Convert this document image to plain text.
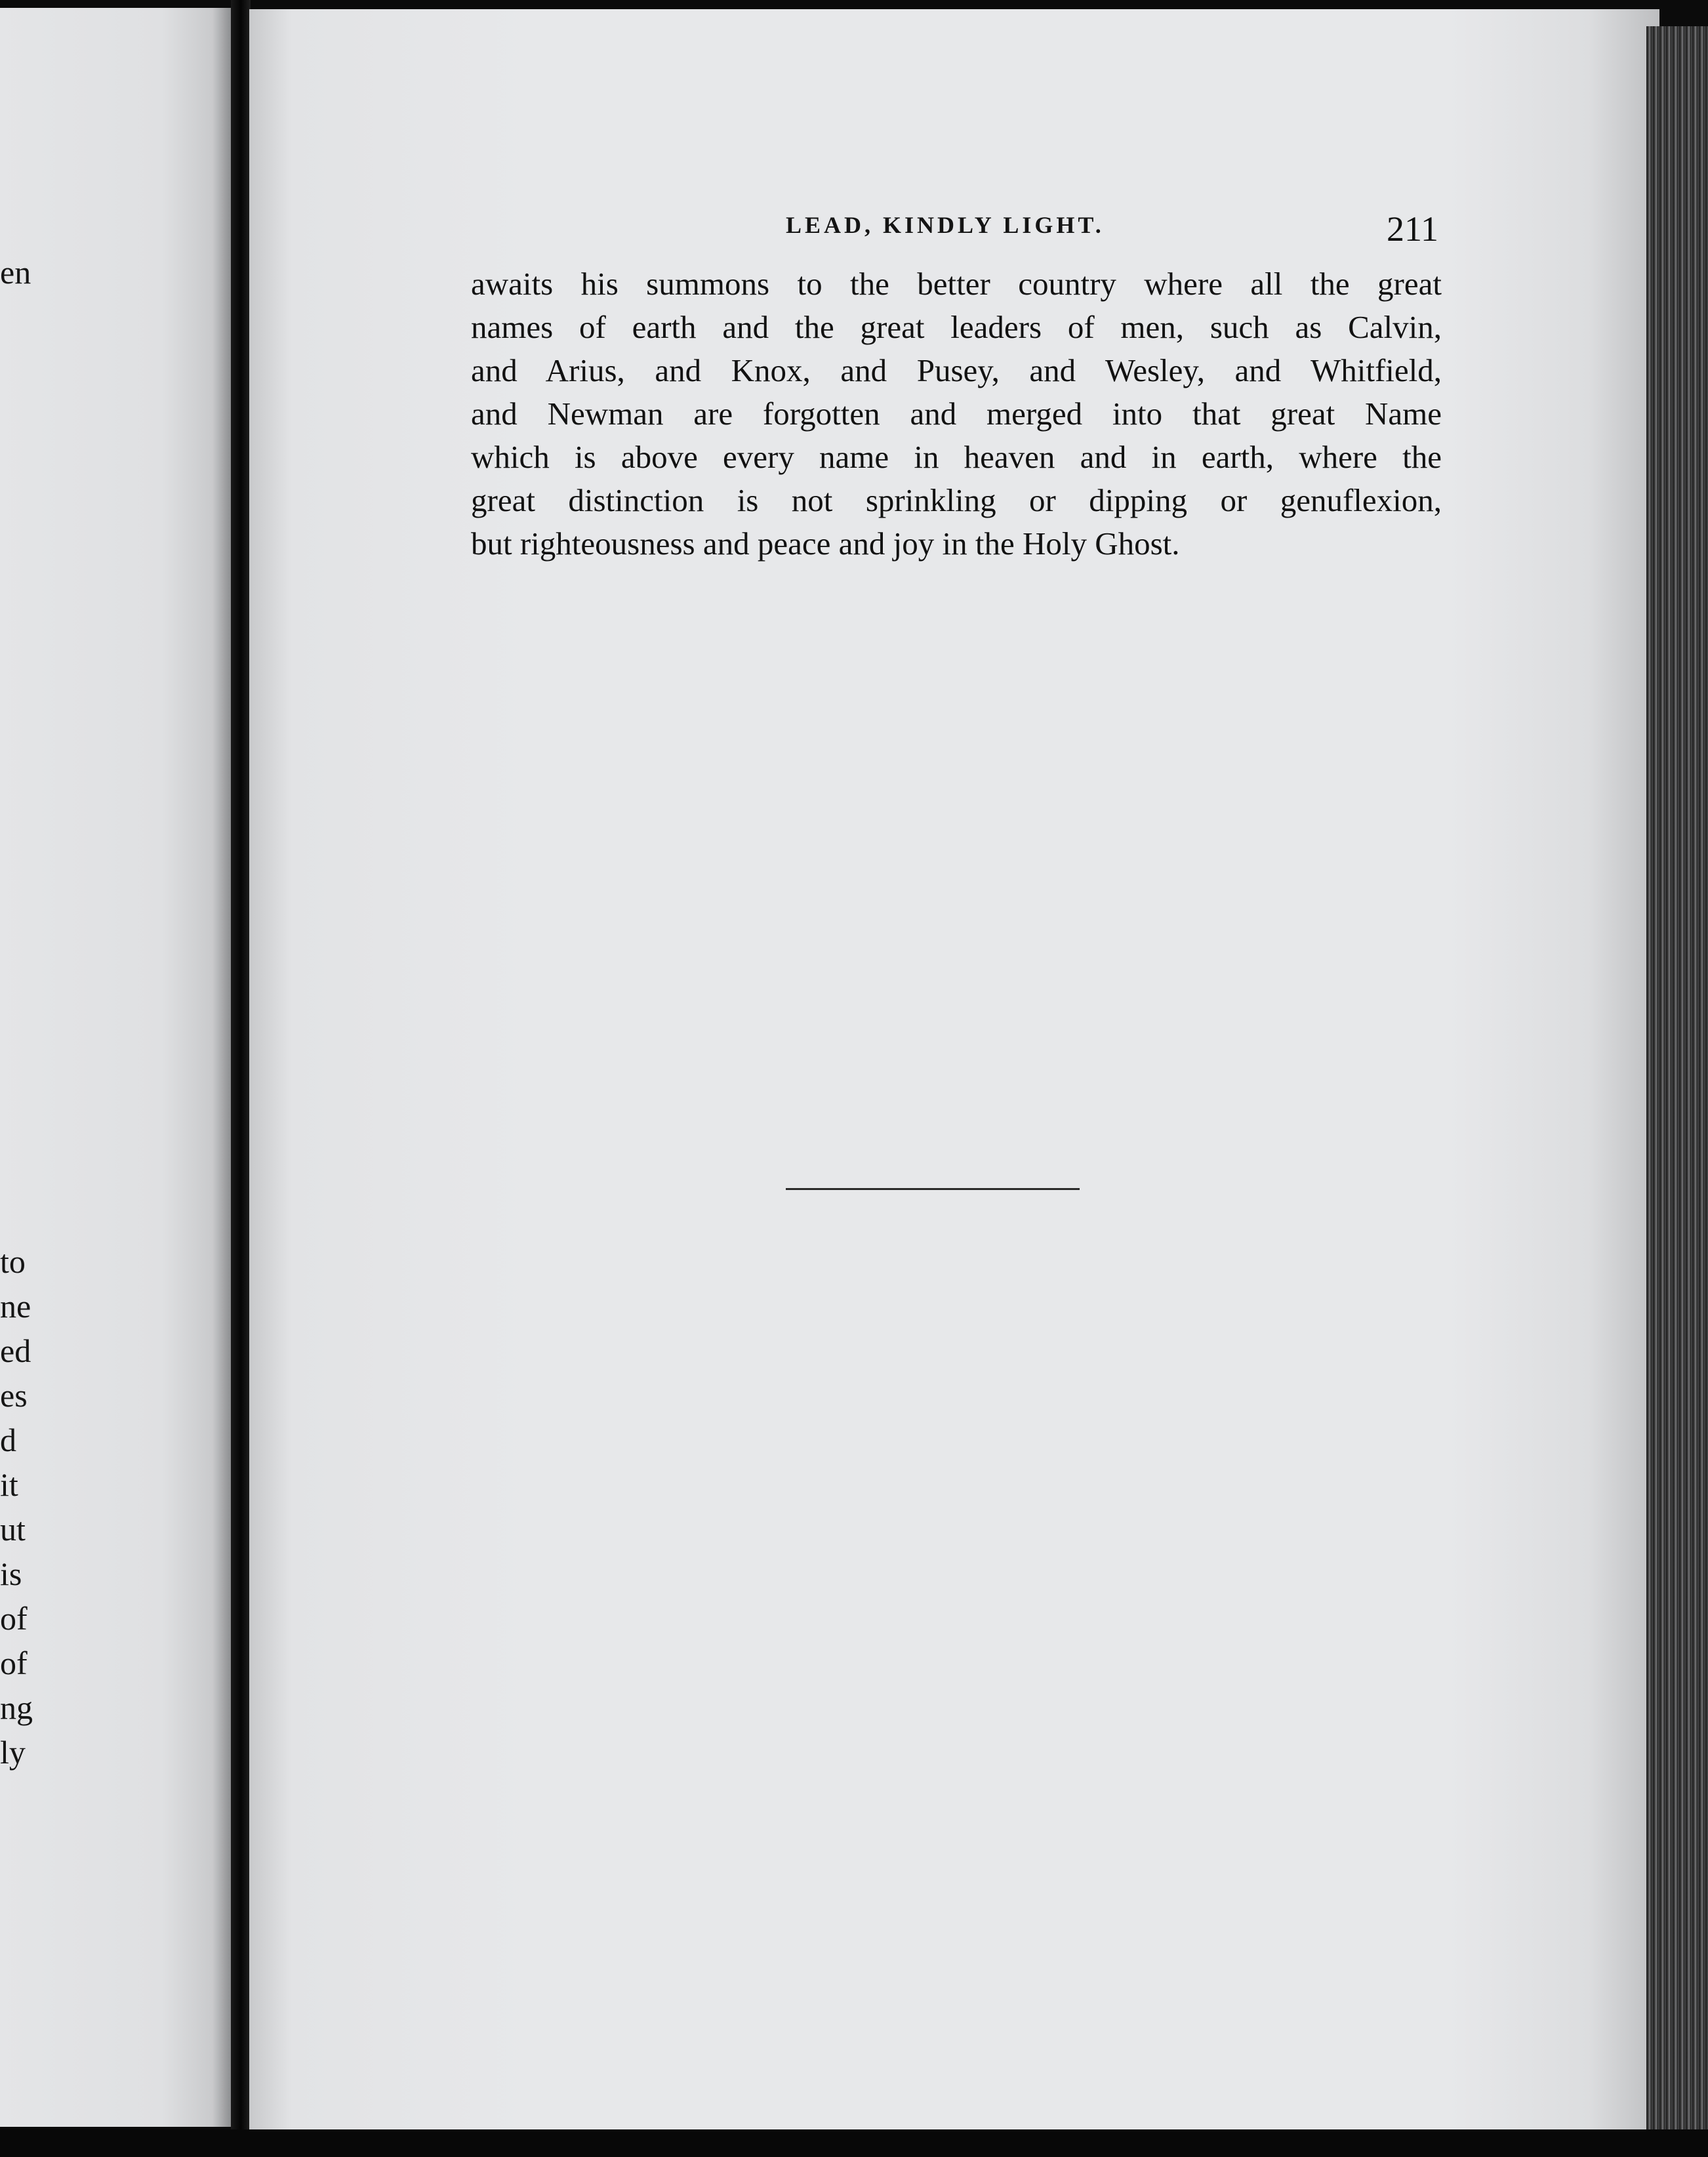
en
to
ne
ed
es
d
it
ut
is
of
of
ng
ly
LEAD, KINDLY LIGHT.	211
awaits his summons to the better country where all the great
names of earth and the great leaders of men, such as Calvin,
and Arius, and Knox, and Pusey, and Wesley, and Whitfield,
and Newman are forgotten and merged into that great Name
which is above every name in heaven and in earth, where the
great distinction is not sprinkling or dipping or genuflexion,
but righteousness and peace and joy in the Holy Ghost.
